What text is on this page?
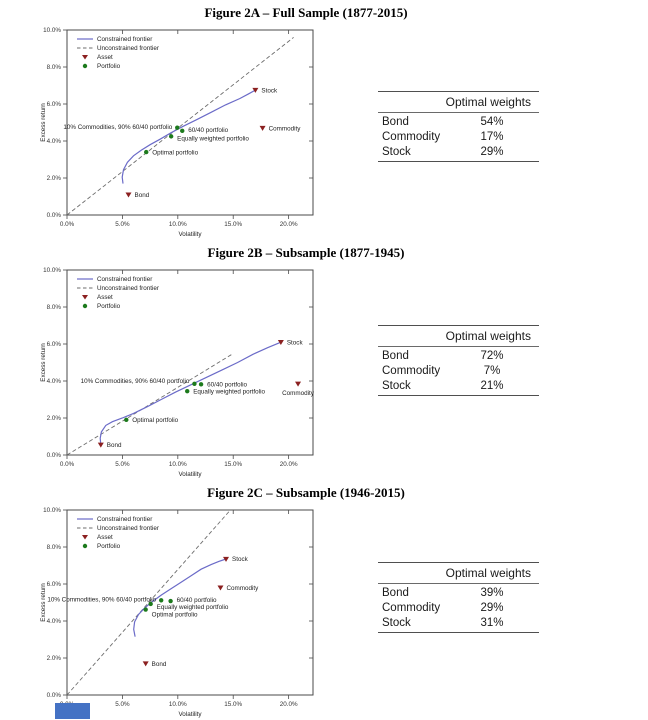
Figure 2A – Full Sample (1877-2015)
0.0%	5.0%	10.0%	15.0%	20.0%
0.0%
2.0%
4.0%
6.0%
8.0%
10.0%
Volatility
Excess return
Bond
Stock
Commodity
Optimal portfolio
Equally weighted portfolio
60/40 portfolio
10% Commodities, 90% 60/40 portfolio
Constrained frontier
Unconstrained frontier
Asset
Portfolio
Optimal weights
Bond	54%
Commodity	17%
Stock	29%
Figure 2B – Subsample (1877-1945)
0.0%	5.0%	10.0%	15.0%	20.0%
0.0%
2.0%
4.0%
6.0%
8.0%
10.0%
Volatility
Excess return
Bond
Stock
Commodity
Optimal portfolio
Equally weighted portfolio
60/40 portfolio
10% Commodities, 90% 60/40 portfolio
Constrained frontier
Unconstrained frontier
Asset
Portfolio
Optimal weights
Bond	72%
Commodity	7%
Stock	21%
Figure 2C – Subsample (1946-2015)
5.0%	10.0%	15.0%	20.0%
0.0%
2.0%
4.0%
6.0%
8.0%
10.0%
Volatility
Excess return
Bond
Stock
Commodity
Optimal portfolio
Equally weighted portfolio
60/40 portfolio
10% Commodities, 90% 60/40 portfolio
Constrained frontier
Unconstrained frontier
Asset
Portfolio
Optimal weights
Bond	39%
Commodity	29%
Stock	31%
